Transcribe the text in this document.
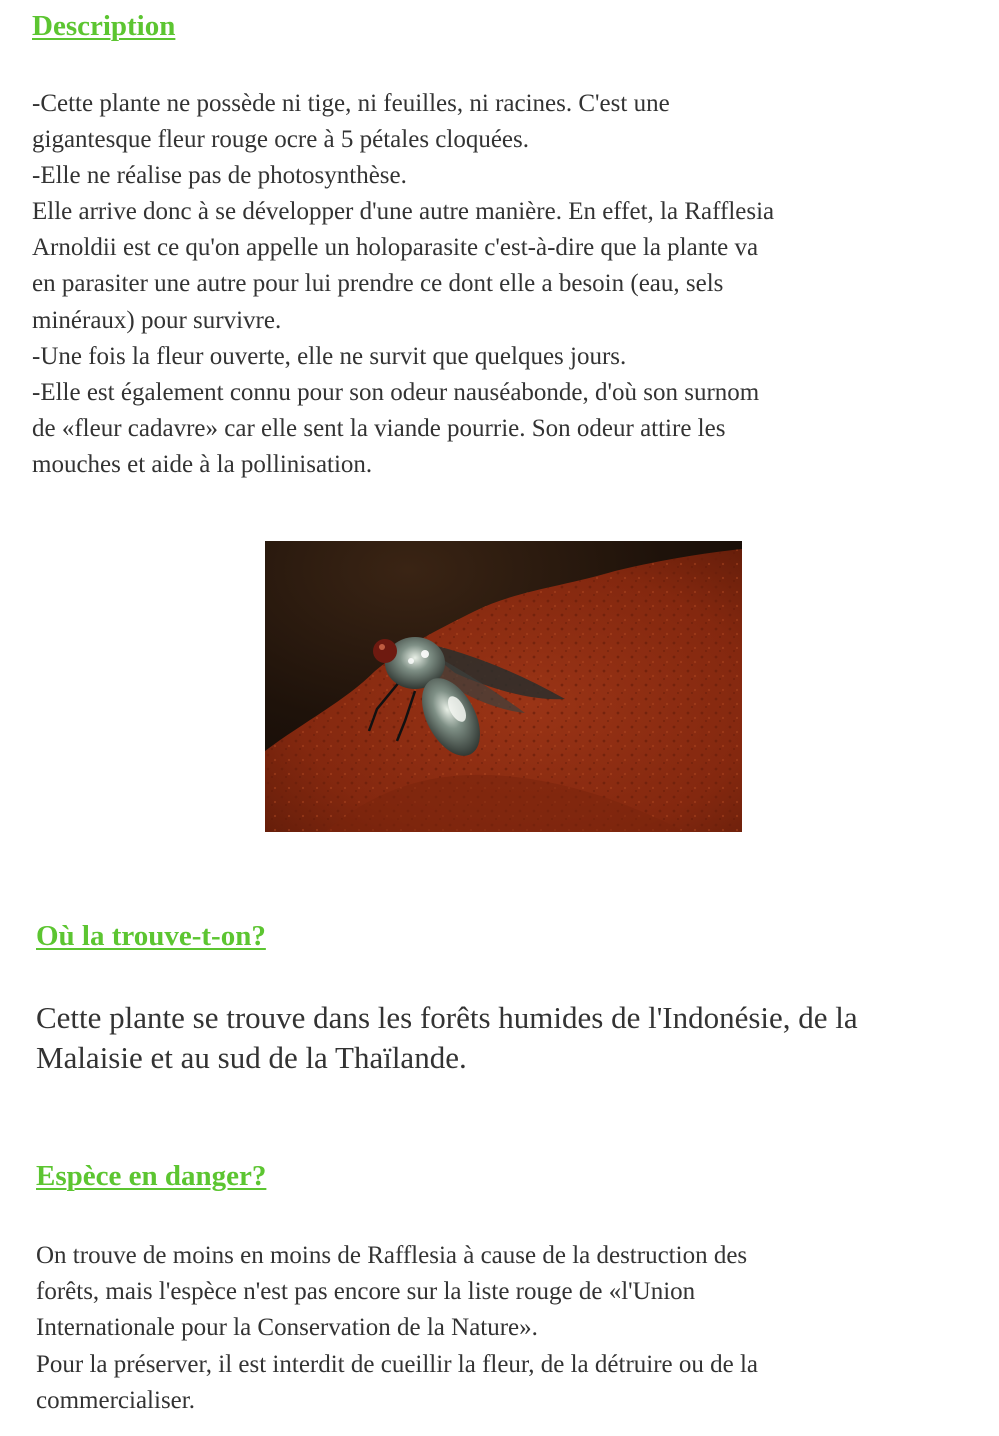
Description
-Cette plante ne possède ni tige, ni feuilles, ni racines. C'est une
gigantesque fleur rouge ocre à 5 pétales cloquées.
-Elle ne réalise pas de photosynthèse.
Elle arrive donc à se développer d'une autre manière. En effet, la Rafflesia
Arnoldii est ce qu'on appelle un holoparasite c'est-à-dire que la plante va
en parasiter une autre pour lui prendre ce dont elle a besoin (eau, sels
minéraux) pour survivre.
-Une fois la fleur ouverte, elle ne survit que quelques jours.
-Elle est également connu pour son odeur nauséabonde, d'où son surnom
de «fleur cadavre» car elle sent la viande pourrie. Son odeur attire les
mouches et aide à la pollinisation.
Où la trouve-t-on?
Cette plante se trouve dans les forêts humides de l'Indonésie, de la
Malaisie et au sud de la Thaïlande.
Espèce en danger?
On trouve de moins en moins de Rafflesia à cause de la destruction des
forêts, mais l'espèce n'est pas encore sur la liste rouge de «l'Union
Internationale pour la Conservation de la Nature».
Pour la préserver, il est interdit de cueillir la fleur, de la détruire ou de la
commercialiser.
